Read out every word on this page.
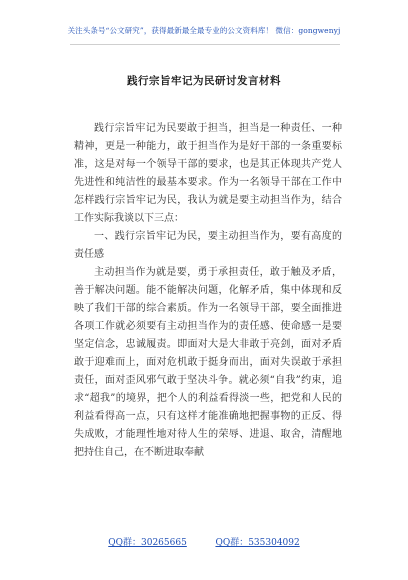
关注头条号“公文研究”，获得最新最全最专业的公文资料库！ 微信：gongwenyj
践行宗旨牢记为民研讨发言材料

践行宗旨牢记为民要敢于担当，担当是一种责任、一种精神，更是一种能力，敢于担当作为是好干部的一条重要标准，这是对每一个领导干部的要求，也是其正体现共产党人先进性和纯洁性的最基本要求。作为一名领导干部在工作中怎样践行宗旨牢记为民，我认为就是要主动担当作为，结合工作实际我谈以下三点：

一、践行宗旨牢记为民，要主动担当作为，要有高度的责任感

主动担当作为就是要，勇于承担责任，敢于触及矛盾，善于解决问题。能不能解决问题，化解矛盾，集中体现和反映了我们干部的综合素质。作为一名领导干部，要全面推进各项工作就必须要有主动担当作为的责任感、使命感一是要坚定信念，忠诚履责。即面对大是大非敢于亮剑，面对矛盾敢于迎难而上，面对危机敢于挺身而出，面对失误敢于承担责任，面对歪风邪气敢于坚决斗争。就必须“自我”约束，追求“超我”的境界，把个人的利益看得淡一些，把党和人民的利益看得高一点，只有这样才能准确地把握事物的正反、得失成败，才能理性地对待人生的荣辱、进退、取舍，清醒地把持住自己，在不断进取奉献

QQ群：30265665	QQ群：535304092
